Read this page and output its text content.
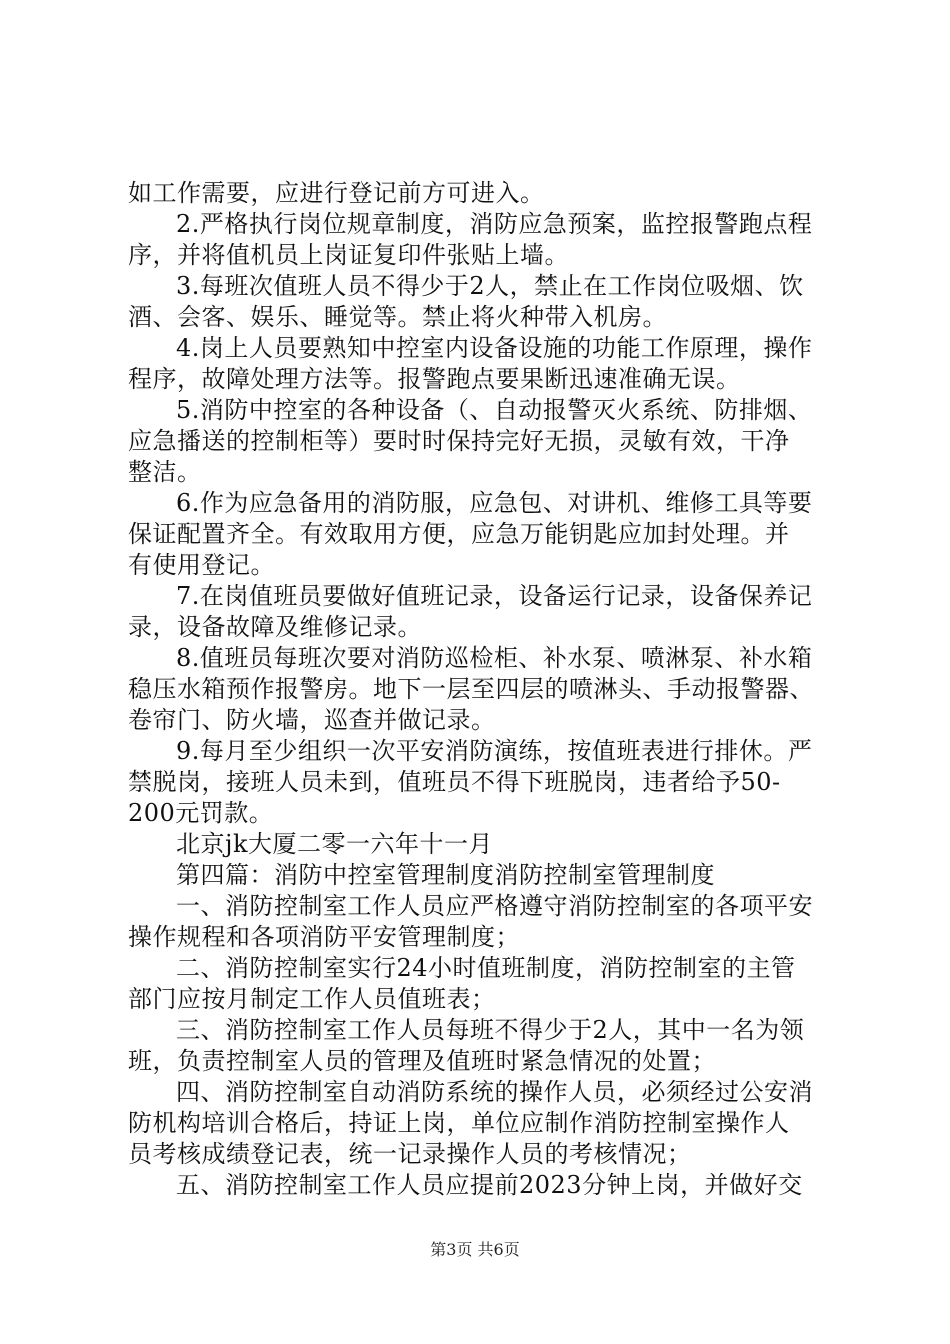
如工作需要，应进行登记前方可进入。
2.严格执行岗位规章制度，消防应急预案，监控报警跑点程
序，并将值机员上岗证复印件张贴上墙。
3.每班次值班人员不得少于2人，禁止在工作岗位吸烟、饮
酒、会客、娱乐、睡觉等。禁止将火种带入机房。
4.岗上人员要熟知中控室内设备设施的功能工作原理，操作
程序，故障处理方法等。报警跑点要果断迅速准确无误。
5.消防中控室的各种设备（、自动报警灭火系统、防排烟、
应急播送的控制柜等）要时时保持完好无损，灵敏有效，干净
整洁。
6.作为应急备用的消防服，应急包、对讲机、维修工具等要
保证配置齐全。有效取用方便，应急万能钥匙应加封处理。并
有使用登记。
7.在岗值班员要做好值班记录，设备运行记录，设备保养记
录，设备故障及维修记录。
8.值班员每班次要对消防巡检柜、补水泵、喷淋泵、补水箱
稳压水箱预作报警房。地下一层至四层的喷淋头、手动报警器、
卷帘门、防火墙，巡查并做记录。
9.每月至少组织一次平安消防演练，按值班表进行排休。严
禁脱岗，接班人员未到，值班员不得下班脱岗，违者给予50-
200元罚款。
北京jk大厦二零一六年十一月
第四篇：消防中控室管理制度消防控制室管理制度
一、消防控制室工作人员应严格遵守消防控制室的各项平安
操作规程和各项消防平安管理制度；
二、消防控制室实行24小时值班制度，消防控制室的主管
部门应按月制定工作人员值班表；
三、消防控制室工作人员每班不得少于2人，其中一名为领
班，负责控制室人员的管理及值班时紧急情况的处置；
四、消防控制室自动消防系统的操作人员，必须经过公安消
防机构培训合格后，持证上岗，单位应制作消防控制室操作人
员考核成绩登记表，统一记录操作人员的考核情况；
五、消防控制室工作人员应提前2023分钟上岗，并做好交
第3页 共6页
